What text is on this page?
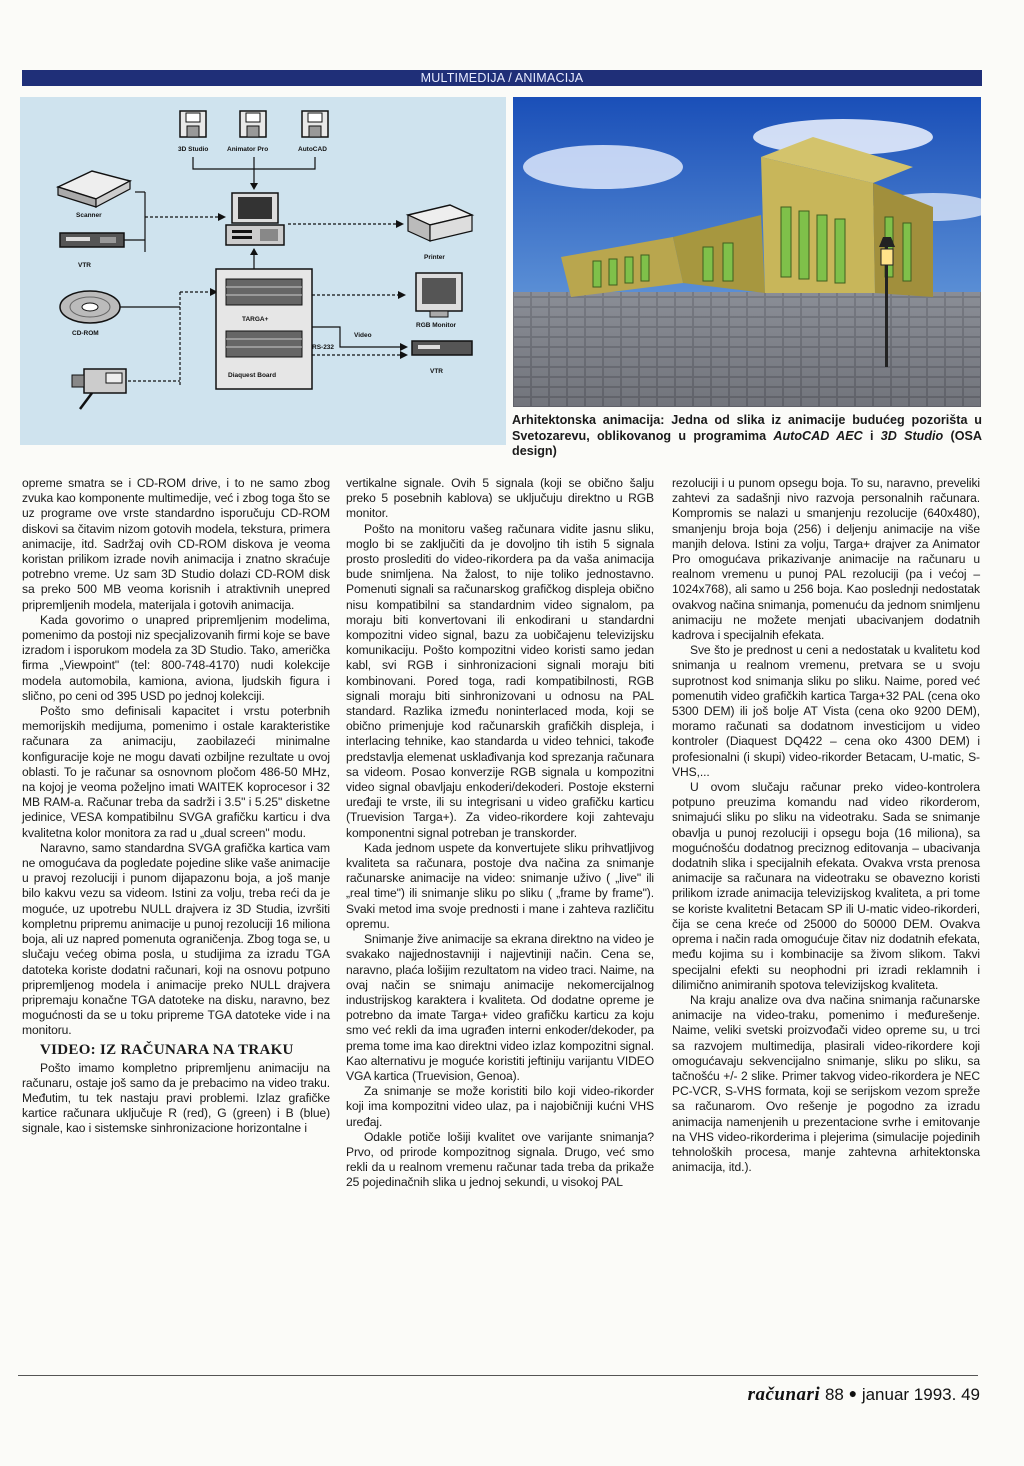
MULTIMEDIJA / ANIMACIJA
3D Studio	Animator Pro	AutoCAD
Scanner
VTR
Printer
CD-ROM
TARGA+
Diaquest Board
RGB Monitor
RS-232
Video
VTR
Arhitektonska animacija: Jedna od slika iz animacije budućeg pozorišta u Svetozarevu, oblikovanog u programima AutoCAD AEC i 3D Studio (OSA design)

opreme smatra se i CD-ROM drive, i to ne samo zbog zvuka kao komponente multimedije, već i zbog toga što se uz programe ove vrste standardno isporučuju CD-ROM diskovi sa čitavim nizom gotovih modela, tekstura, primera animacije, itd. Sadržaj ovih CD-ROM diskova je veoma koristan prilikom izrade novih animacija i znatno skraćuje potrebno vreme. Uz sam 3D Studio dolazi CD-ROM disk sa preko 500 MB veoma korisnih i atraktivnih unepred pripremljenih modela, materijala i gotovih animacija.

Kada govorimo o unapred pripremljenim modelima, pomenimo da postoji niz specjalizovanih firmi koje se bave izradom i isporukom modela za 3D Studio. Tako, američka firma „Viewpoint" (tel: 800-748-4170) nudi kolekcije modela automobila, kamiona, aviona, ljudskih figura i slično, po ceni od 395 USD po jednoj kolekciji.

Pošto smo definisali kapacitet i vrstu poterbnih memorijskih medijuma, pomenimo i ostale karakteristike računara za animaciju, zaobilazeći minimalne konfiguracije koje ne mogu davati ozbiljne rezultate u ovoj oblasti. To je računar sa osnovnom pločom 486-50 MHz, na kojoj je veoma poželjno imati WAITEK koprocesor i 32 MB RAM-a. Računar treba da sadrži i 3.5" i 5.25" disketne jedinice, VESA kompatibilnu SVGA grafičku karticu i dva kvalitetna kolor monitora za rad u „dual screen" modu.

Naravno, samo standardna SVGA grafička kartica vam ne omogućava da pogledate pojedine slike vaše animacije u pravoj rezoluciji i punom dijapazonu boja, a još manje bilo kakvu vezu sa videom. Istini za volju, treba reći da je moguće, uz upotrebu NULL drajvera iz 3D Studia, izvršiti kompletnu pripremu animacije u punoj rezoluciji 16 miliona boja, ali uz napred pomenuta ograničenja. Zbog toga se, u slučaju većeg obima posla, u studijima za izradu TGA datoteka koriste dodatni računari, koji na osnovu potpuno pripremljenog modela i animacije preko NULL drajvera pripremaju konačne TGA datoteke na disku, naravno, bez mogućnosti da se u toku pripreme TGA datoteke vide i na monitoru.

VIDEO: IZ RAČUNARA NA TRAKU

Pošto imamo kompletno pripremljenu animaciju na računaru, ostaje još samo da je prebacimo na video traku. Međutim, tu tek nastaju pravi problemi. Izlaz grafičke kartice računara uključuje R (red), G (green) i B (blue) signale, kao i sistemske sinhronizacione horizontalne i

vertikalne signale. Ovih 5 signala (koji se obično šalju preko 5 posebnih kablova) se uključuju direktno u RGB monitor.

Pošto na monitoru vašeg računara vidite jasnu sliku, moglo bi se zaključiti da je dovoljno tih istih 5 signala prosto proslediti do video-rikordera pa da vaša animacija bude snimljena. Na žalost, to nije toliko jednostavno. Pomenuti signali sa računarskog grafičkog displeja obično nisu kompatibilni sa standardnim video signalom, pa moraju biti konvertovani ili enkodirani u standardni kompozitni video signal, bazu za uobičajenu televizijsku komunikaciju. Pošto kompozitni video koristi samo jedan kabl, svi RGB i sinhronizacioni signali moraju biti kombinovani. Pored toga, radi kompatibilnosti, RGB signali moraju biti sinhronizovani u odnosu na PAL standard. Razlika između noninterlaced moda, koji se obično primenjuje kod računarskih grafičkih displeja, i interlacing tehnike, kao standarda u video tehnici, takođe predstavlja elemenat usklađivanja kod sprezanja računara sa videom. Posao konverzije RGB signala u kompozitni video signal obavljaju enkoderi/dekoderi. Postoje eksterni uređaji te vrste, ili su integrisani u video grafičku karticu (Truevision Targa+). Za video-rikordere koji zahtevaju komponentni signal potreban je transkorder.

Kada jednom uspete da konvertujete sliku prihvatljivog kvaliteta sa računara, postoje dva načina za snimanje računarske animacije na video: snimanje uživo ( „live" ili „real time") ili snimanje sliku po sliku ( „frame by frame"). Svaki metod ima svoje prednosti i mane i zahteva različitu opremu.

Snimanje žive animacije sa ekrana direktno na video je svakako najjednostavniji i najjevtiniji način. Cena se, naravno, plaća lošijim rezultatom na video traci. Naime, na ovaj način se snimaju animacije nekomercijalnog industrijskog karaktera i kvaliteta. Od dodatne opreme je potrebno da imate Targa+ video grafičku karticu za koju smo već rekli da ima ugrađen interni enkoder/dekoder, pa prema tome ima kao direktni video izlaz kompozitni signal. Kao alternativu je moguće koristiti jeftiniju varijantu VIDEO VGA kartica (Truevision, Genoa).

Za snimanje se može koristiti bilo koji video-rikorder koji ima kompozitni video ulaz, pa i najobičniji kućni VHS uređaj.

Odakle potiče lošiji kvalitet ove varijante snimanja? Prvo, od prirode kompozitnog signala. Drugo, već smo rekli da u realnom vremenu računar tada treba da prikaže 25 pojedinačnih slika u jednoj sekundi, u visokoj PAL

rezoluciji i u punom opsegu boja. To su, naravno, preveliki zahtevi za sadašnji nivo razvoja personalnih računara. Kompromis se nalazi u smanjenju rezolucije (640x480), smanjenju broja boja (256) i deljenju animacije na više manjih delova. Istini za volju, Targa+ drajver za Animator Pro omogućava prikazivanje animacije na računaru u realnom vremenu u punoj PAL rezoluciji (pa i većoj – 1024x768), ali samo u 256 boja. Kao poslednji nedostatak ovakvog načina snimanja, pomenuću da jednom snimljenu animaciju ne možete menjati ubacivanjem dodatnih kadrova i specijalnih efekata.

Sve što je prednost u ceni a nedostatak u kvalitetu kod snimanja u realnom vremenu, pretvara se u svoju suprotnost kod snimanja sliku po sliku. Naime, pored već pomenutih video grafičkih kartica Targa+32 PAL (cena oko 5300 DEM) ili još bolje AT Vista (cena oko 9200 DEM), moramo računati sa dodatnom investicijom u video kontroler (Diaquest DQ422 – cena oko 4300 DEM) i profesionalni (i skupi) video-rikorder Betacam, U-matic, S-VHS,...

U ovom slučaju računar preko video-kontrolera potpuno preuzima komandu nad video rikorderom, snimajući sliku po sliku na videotraku. Sada se snimanje obavlja u punoj rezoluciji i opsegu boja (16 miliona), sa mogućnošću dodatnog preciznog editovanja – ubacivanja dodatnih slika i specijalnih efekata. Ovakva vrsta prenosa animacije sa računara na videotraku se obavezno koristi prilikom izrade animacija televizijskog kvaliteta, a pri tome se koriste kvalitetni Betacam SP ili U-matic video-rikorderi, čija se cena kreće od 25000 do 50000 DEM. Ovakva oprema i način rada omogućuje čitav niz dodatnih efekata, među kojima su i kombinacije sa živom slikom. Takvi specijalni efekti su neophodni pri izradi reklamnih i dilimično animiranih spotova televizijskog kvaliteta.

Na kraju analize ova dva načina snimanja računarske animacije na video-traku, pomenimo i međurešenje. Naime, veliki svetski proizvođači video opreme su, u trci sa razvojem multimedija, plasirali video-rikordere koji omogućavaju sekvencijalno snimanje, sliku po sliku, sa tačnošću +/- 2 slike. Primer takvog video-rikordera je NEC PC-VCR, S-VHS formata, koji se serijskom vezom spreže sa računarom. Ovo rešenje je pogodno za izradu animacija namenjenih u prezentacione svrhe i emitovanje na VHS video-rikorderima i plejerima (simulacije pojedinih tehnoloških procesa, manje zahtevna arhitektonska animacija, itd.).

računari 88 ● januar 1993. 49
